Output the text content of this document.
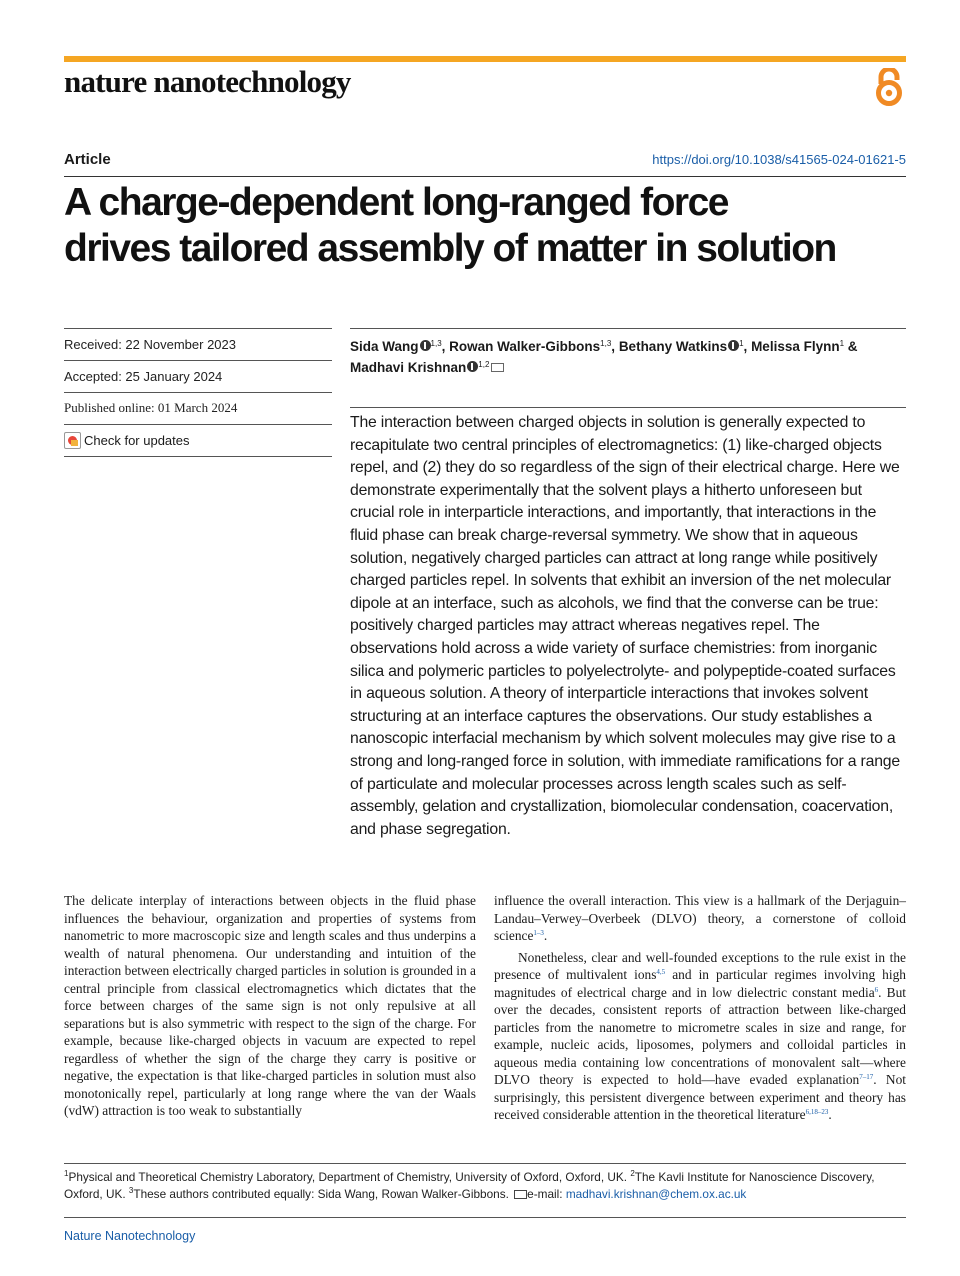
nature nanotechnology
Article	https://doi.org/10.1038/s41565-024-01621-5
A charge-dependent long-ranged force
drives tailored assembly of matter in solution
Received: 22 November 2023
Accepted: 25 January 2024
Published online: 01 March 2024
Check for updates
Sida Wang $^{1,3}$, Rowan Walker-Gibbons$^{1,3}$, Bethany Watkins $^1$, Melissa Flynn$^1$ &
Madhavi Krishnan $^{1,2}$
The interaction between charged objects in solution is generally expected to recapitulate two central principles of electromagnetics: (1) like-charged objects repel, and (2) they do so regardless of the sign of their electrical charge. Here we demonstrate experimentally that the solvent plays a hitherto unforeseen but crucial role in interparticle interactions, and importantly, that interactions in the fluid phase can break charge-reversal symmetry. We show that in aqueous solution, negatively charged particles can attract at long range while positively charged particles repel. In solvents that exhibit an inversion of the net molecular dipole at an interface, such as alcohols, we find that the converse can be true: positively charged particles may attract whereas negatives repel. The observations hold across a wide variety of surface chemistries: from inorganic silica and polymeric particles to polyelectrolyte- and polypeptide-coated surfaces in aqueous solution. A theory of interparticle interactions that invokes solvent structuring at an interface captures the observations. Our study establishes a nanoscopic interfacial mechanism by which solvent molecules may give rise to a strong and long-ranged force in solution, with immediate ramifications for a range of particulate and molecular processes across length scales such as self-assembly, gelation and crystallization, biomolecular condensation, coacervation, and phase segregation.

The delicate interplay of interactions between objects in the fluid phase influences the behaviour, organization and properties of systems from nanometric to more macroscopic size and length scales and thus underpins a wealth of natural phenomena. Our understanding and intuition of the interaction between electrically charged particles in solution is grounded in a central principle from classical electromagnetics which dictates that the force between charges of the same sign is not only repulsive at all separations but is also symmetric with respect to the sign of the charge. For example, because like-charged objects in vacuum are expected to repel regardless of whether the sign of the charge they carry is positive or negative, the expectation is that like-charged particles in solution must also monotonically repel, particularly at long range where the van der Waals (vdW) attraction is too weak to substantially

influence the overall interaction. This view is a hallmark of the Derjaguin–Landau–Verwey–Overbeek (DLVO) theory, a cornerstone of colloid science$^{1-3}$.

Nonetheless, clear and well-founded exceptions to the rule exist in the presence of multivalent ions$^{4,5}$ and in particular regimes involving high magnitudes of electrical charge and in low dielectric constant media$^6$. But over the decades, consistent reports of attraction between like-charged particles from the nanometre to micrometre scales in size and range, for example, nucleic acids, liposomes, polymers and colloidal particles in aqueous media containing low concentrations of monovalent salt—where DLVO theory is expected to hold—have evaded explanation$^{7-17}$. Not surprisingly, this persistent divergence between experiment and theory has received considerable attention in the theoretical literature$^{6,18-23}$.

$^1$Physical and Theoretical Chemistry Laboratory, Department of Chemistry, University of Oxford, Oxford, UK. $^2$The Kavli Institute for Nanoscience Discovery, Oxford, UK. $^3$These authors contributed equally: Sida Wang, Rowan Walker-Gibbons. e-mail: madhavi.krishnan@chem.ox.ac.uk
Nature Nanotechnology
